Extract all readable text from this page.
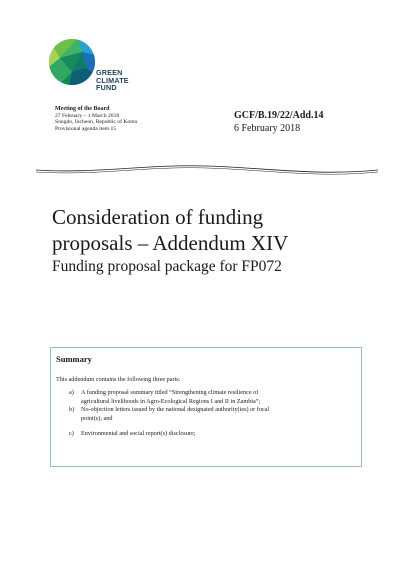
GREEN
CLIMATE
FUND
Meeting of the Board
27 February – 1 March 2018
Songdo, Incheon, Republic of Korea
Provisional agenda item 15
GCF/B.19/22/Add.14
6 February 2018
Consideration of funding
proposals – Addendum XIV
Funding proposal package for FP072
Summary
This addendum contains the following three parts:
a)	A funding proposal summary titled “Strengthening climate resilience of
agricultural livelihoods in Agro-Ecological Regions I and II in Zambia”;
b)	No-objection letters issued by the national designated authority(ies) or focal
point(s); and
c)	Environmental and social report(s) disclosure;
